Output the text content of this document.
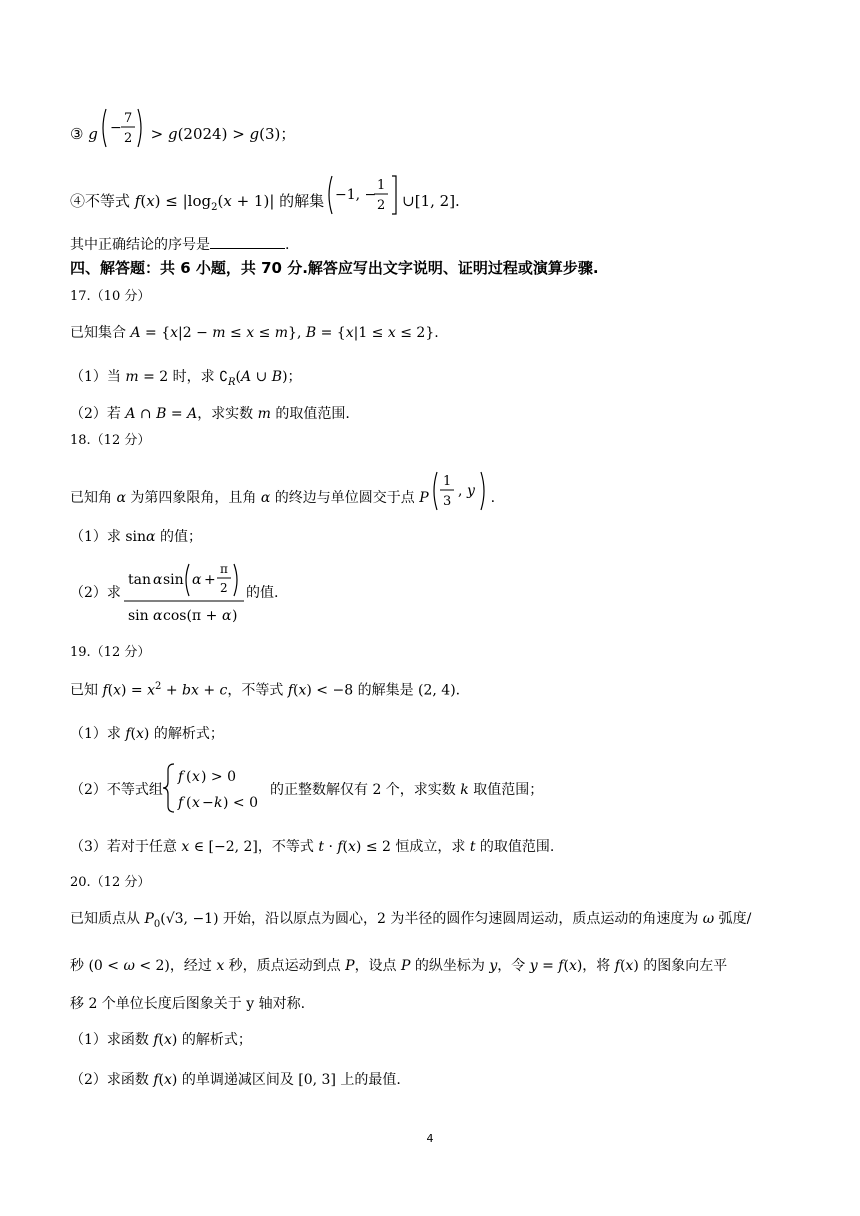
③ g −
7
2 > g(2024) > g(3)；
④不等式 $f(x) \le |\log_2(x + 1)|$ 的解集 −1, −
1
2 ∪[1, 2].
其中正确结论的序号是	.
四、解答题：共 6 小题，共 70 分.解答应写出文字说明、证明过程或演算步骤.
17.（10 分）
已知集合 A = {x|2 − m ≤ x ≤ m}, B = {x|1 ≤ x ≤ 2}.
（1）当 m = 2 时，求 $∁_R(A$ ∪ B)；
（2）若 A ∩ B = A，求实数 m 的取值范围.
18.（12 分）
已知角 α 为第四象限角，且角 α 的终边与单位圆交于点 P
1
3
, y .
（1）求 sinα 的值；
（2）求
tan α sin α +
π
2
sin α cos(π + α )
的值.
19.（12 分）
已知 $f(x) = x^2$ + bx + c，不等式 f(x) < −8 的解集是 (2, 4).
（1）求 f(x) 的解析式；
（2）不等式组
f ( x ) > 0
f ( x − k ) < 0
的正整数解仅有 2 个，求实数 k 取值范围；
（3）若对于任意 x ∈ [−2, 2]，不等式 t · f(x) ≤ 2 恒成立，求 t 的取值范围.
20.（12 分）
已知质点从 $P_0(√3$, −1) 开始，沿以原点为圆心，2 为半径的圆作匀速圆周运动，质点运动的角速度为 ω 弧度/
秒 (0 < ω < 2)，经过 x 秒，质点运动到点 P，设点 P 的纵坐标为 y，令 y = f(x)，将 f(x) 的图象向左平
移 2 个单位长度后图象关于 y 轴对称.
（1）求函数 f(x) 的解析式；
（2）求函数 f(x) 的单调递减区间及 [0, 3] 上的最值.
4
